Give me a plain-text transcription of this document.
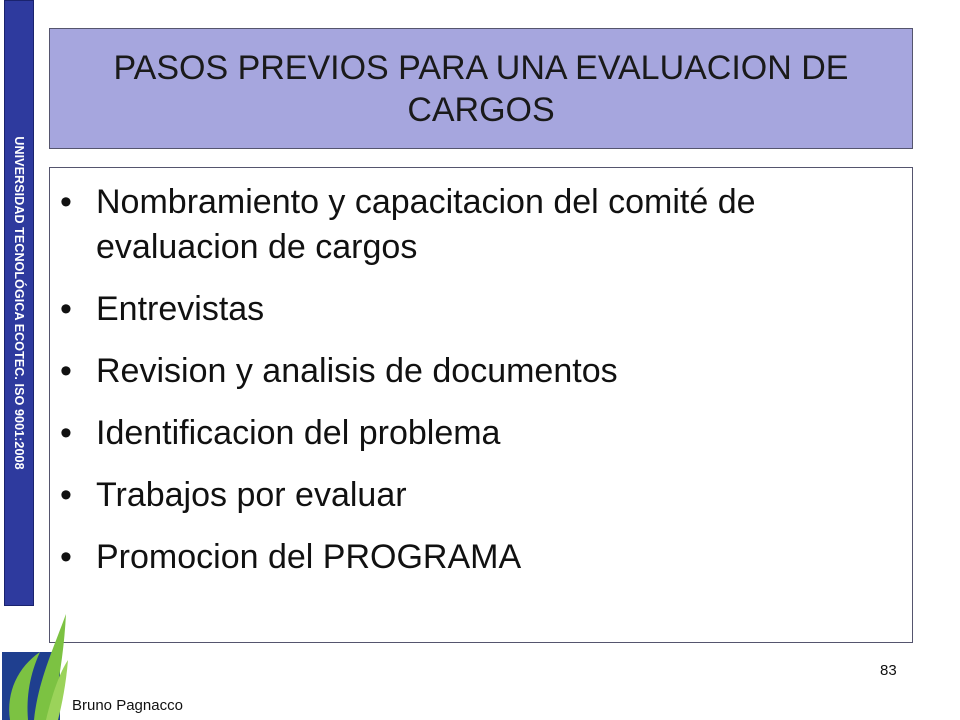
UNIVERSIDAD TECNOLÓGICA ECOTEC. ISO 9001:2008
PASOS PREVIOS PARA UNA EVALUACION DE CARGOS
• Nombramiento y capacitacion del comité de evaluacion de cargos
• Entrevistas
• Revision y analisis de documentos
• Identificacion del problema
• Trabajos por evaluar
• Promocion del PROGRAMA
Bruno Pagnacco
83
